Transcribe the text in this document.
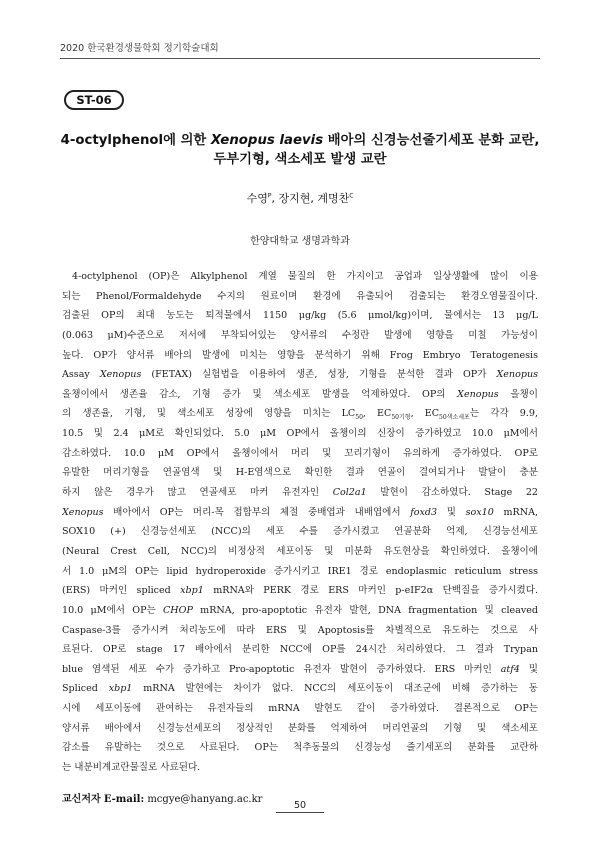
2020 한국환경생물학회 정기학술대회
ST-06
4-octylphenol에 의한 Xenopus laevis 배아의 신경능선줄기세포 분화 교란,
두부기형, 색소세포 발생 교란
수영$^P$, 장지현, 계명찬$^C$
한양대학교 생명과학과
4-octylphenol (OP)은 Alkylphenol 계열 물질의 한 가지이고 공업과 일상생활에 많이 이용
되는 Phenol/Formaldehyde 수지의 원료이며 환경에 유출되어 검출되는 환경오염물질이다.
검출된 OP의 최대 농도는 퇴적물에서 1150 μg/kg (5.6 μmol/kg)이며, 물에서는 13 μg/L
(0.063 μM)수준으로 저서에 부착되어있는 양서류의 수정란 발생에 영향을 미칠 가능성이
높다. OP가 양서류 배아의 발생에 미치는 영향을 분석하기 위해 Frog Embryo Teratogenesis
Assay Xenopus (FETAX) 실험법을 이용하여 생존, 성장, 기형을 분석한 결과 OP가 Xenopus
올챙이에서 생존율 감소, 기형 증가 및 색소세포 발생을 억제하였다. OP의 Xenopus 올챙이
의 생존율, 기형, 및 색소세포 성장에 영향을 미치는 $LC_{50}$, $EC_{50기형}$, $EC_{50색소세포}$는 각각 9.9,
10.5 및 2.4 μM로 확인되었다. 5.0 μM OP에서 올챙이의 신장이 증가하였고 10.0 μM에서
감소하였다. 10.0 μM OP에서 올챙이에서 머리 및 꼬리기형이 유의하게 증가하였다. OP로
유발한 머리기형을 연골염색 및 H-E염색으로 확인한 결과 연골이 결여되거나 발달이 충분
하지 않은 경우가 많고 연골세포 마커 유전자인 Col2a1 발현이 감소하였다. Stage 22
Xenopus 배아에서 OP는 머리-목 접합부의 체절 중배엽과 내배엽에서 foxd3 및 sox10 mRNA,
SOX10 (+) 신경능선세포 (NCC)의 세포 수를 증가시켰고 연골분화 억제, 신경능선세포
(Neural Crest Cell, NCC)의 비정상적 세포이동 및 미분화 유도현상을 확인하였다. 올챙이에
서 1.0 μM의 OP는 lipid hydroperoxide 증가시키고 IRE1 경로 endoplasmic reticulum stress
(ERS) 마커인 spliced xbp1 mRNA와 PERK 경로 ERS 마커인 p-eIF2α 단백질을 증가시켰다.
10.0 μM에서 OP는 CHOP mRNA, pro-apoptotic 유전자 발현, DNA fragmentation 및 cleaved
Caspase-3를 증가시켜 처리농도에 따라 ERS 및 Apoptosis를 차별적으로 유도하는 것으로 사
료된다. OP로 stage 17 배아에서 분리한 NCC에 OP를 24시간 처리하였다. 그 결과 Trypan
blue 염색된 세포 수가 증가하고 Pro-apoptotic 유전자 발현이 증가하였다. ERS 마커인 atf4 및
Spliced xbp1 mRNA 발현에는 차이가 없다. NCC의 세포이동이 대조군에 비해 증가하는 동
시에 세포이동에 관여하는 유전자들의 mRNA 발현도 같이 증가하였다. 결론적으로 OP는
양서류 배아에서 신경능선세포의 정상적인 분화를 억제하여 머리연골의 기형 및 색소세포
감소를 유발하는 것으로 사료된다. OP는 척추동물의 신경능성 줄기세포의 분화를 교란하
는 내분비계교란물질로 사료된다.
교신저자 E-mail: mcgye@hanyang.ac.kr
50
